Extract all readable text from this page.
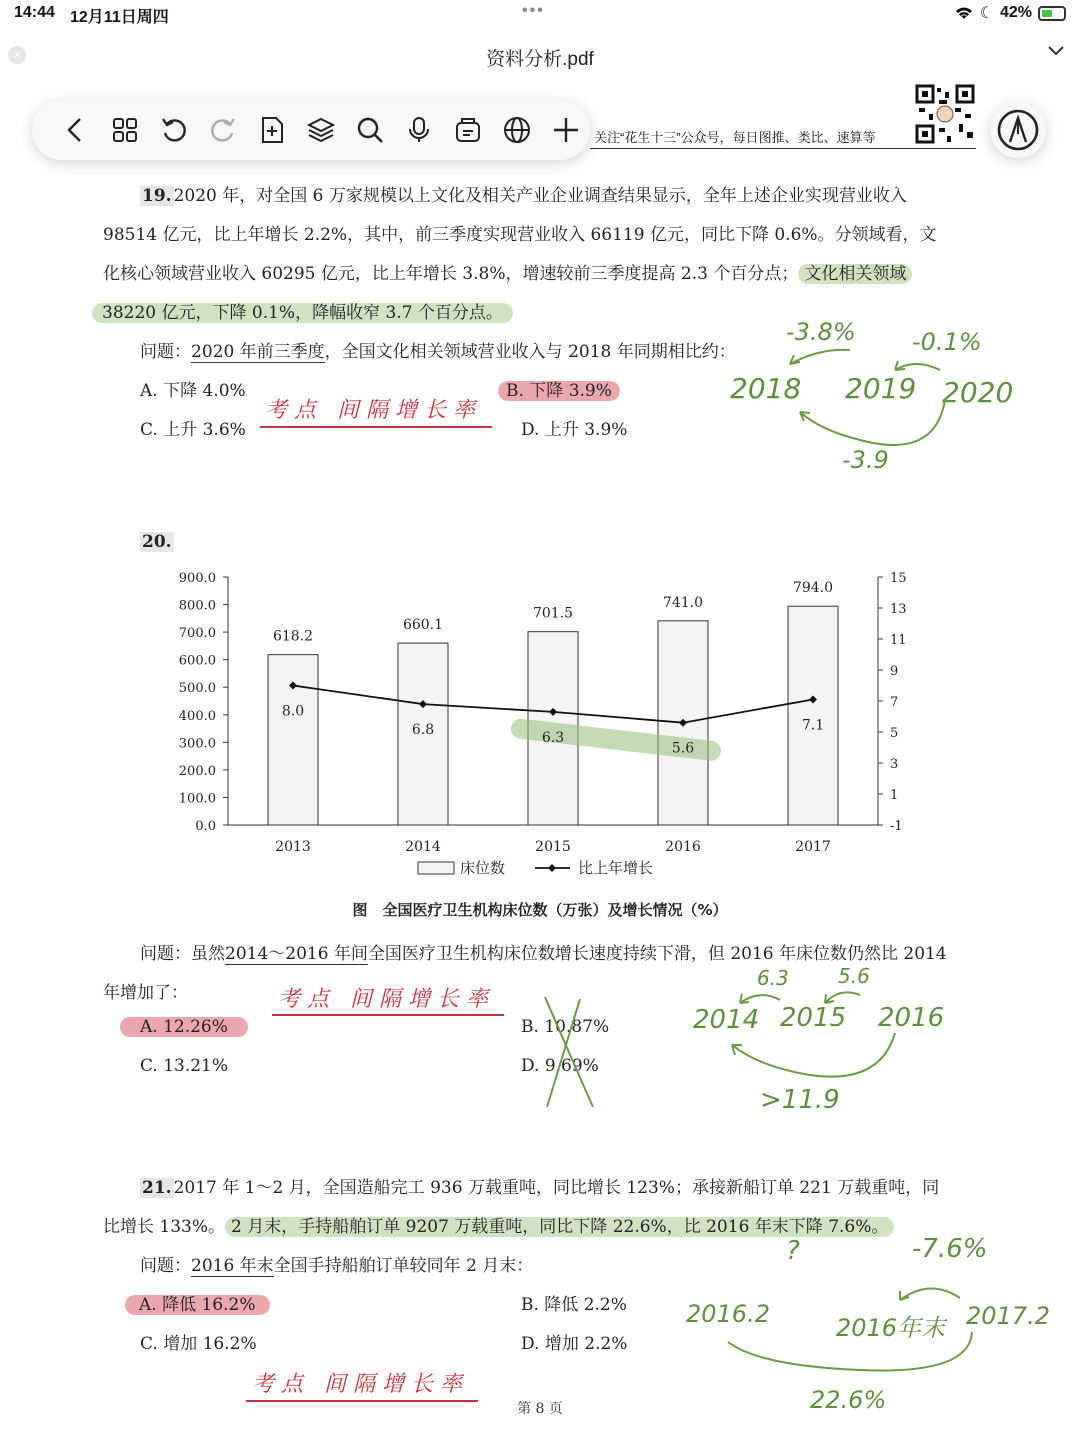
14:44 12月11日周四	•••	☾ 42%
×	资料分析.pdf
关注“花生十三”公众号，每日图推、类比、速算等
19. 2020 年，对全国 6 万家规模以上文化及相关产业企业调查结果显示，全年上述企业实现营业收入
98514 亿元，比上年增长 2.2%，其中，前三季度实现营业收入 66119 亿元，同比下降 0.6%。分领域看，文
化核心领域营业收入 60295 亿元，比上年增长 3.8%，增速较前三季度提高 2.3 个百分点； 文化相关领域
38220 亿元，下降 0.1%，降幅收窄 3.7 个百分点。
问题：2020 年前三季度，全国文化相关领域营业收入与 2018 年同期相比约：
A. 下降 4.0%	B. 下降 3.9%
C. 上升 3.6%	D. 上升 3.9%
考点 间隔增长率
-3.8% -0.1%
2018 2019 2020
-3.9
20.
0.0
100.0
200.0
300.0
400.0
500.0
600.0
700.0
800.0
900.0
-1
1
3
5
7
9
11
13
15
618.2
660.1
701.5
741.0
794.0
8.0
6.8	6.3
5.6
7.1
2013	2014	2015	2016	2017
床位数	比上年增长
图　全国医疗卫生机构床位数（万张）及增长情况（%）
问题：虽然2014～2016 年间全国医疗卫生机构床位数增长速度持续下滑，但 2016 年床位数仍然比 2014
年增加了：
A. 12.26%	B. 10.87%
C. 13.21%	D. 9.69%
考点 间隔增长率
6.3 5.6
2014 2015 2016
>11.9
21. 2017 年 1～2 月，全国造船完工 936 万载重吨，同比增长 123%；承接新船订单 221 万载重吨，同
比增长 133%。 2 月末，手持船舶订单 9207 万载重吨，同比下降 22.6%，比 2016 年末下降 7.6%。
问题：2016 年末全国手持船舶订单较同年 2 月末：
A. 降低 16.2%	B. 降低 2.2%
C. 增加 16.2%	D. 增加 2.2%
考点 间隔增长率
?	-7.6%
2016.2	2016年末 2017.2
22.6%
第 8 页
